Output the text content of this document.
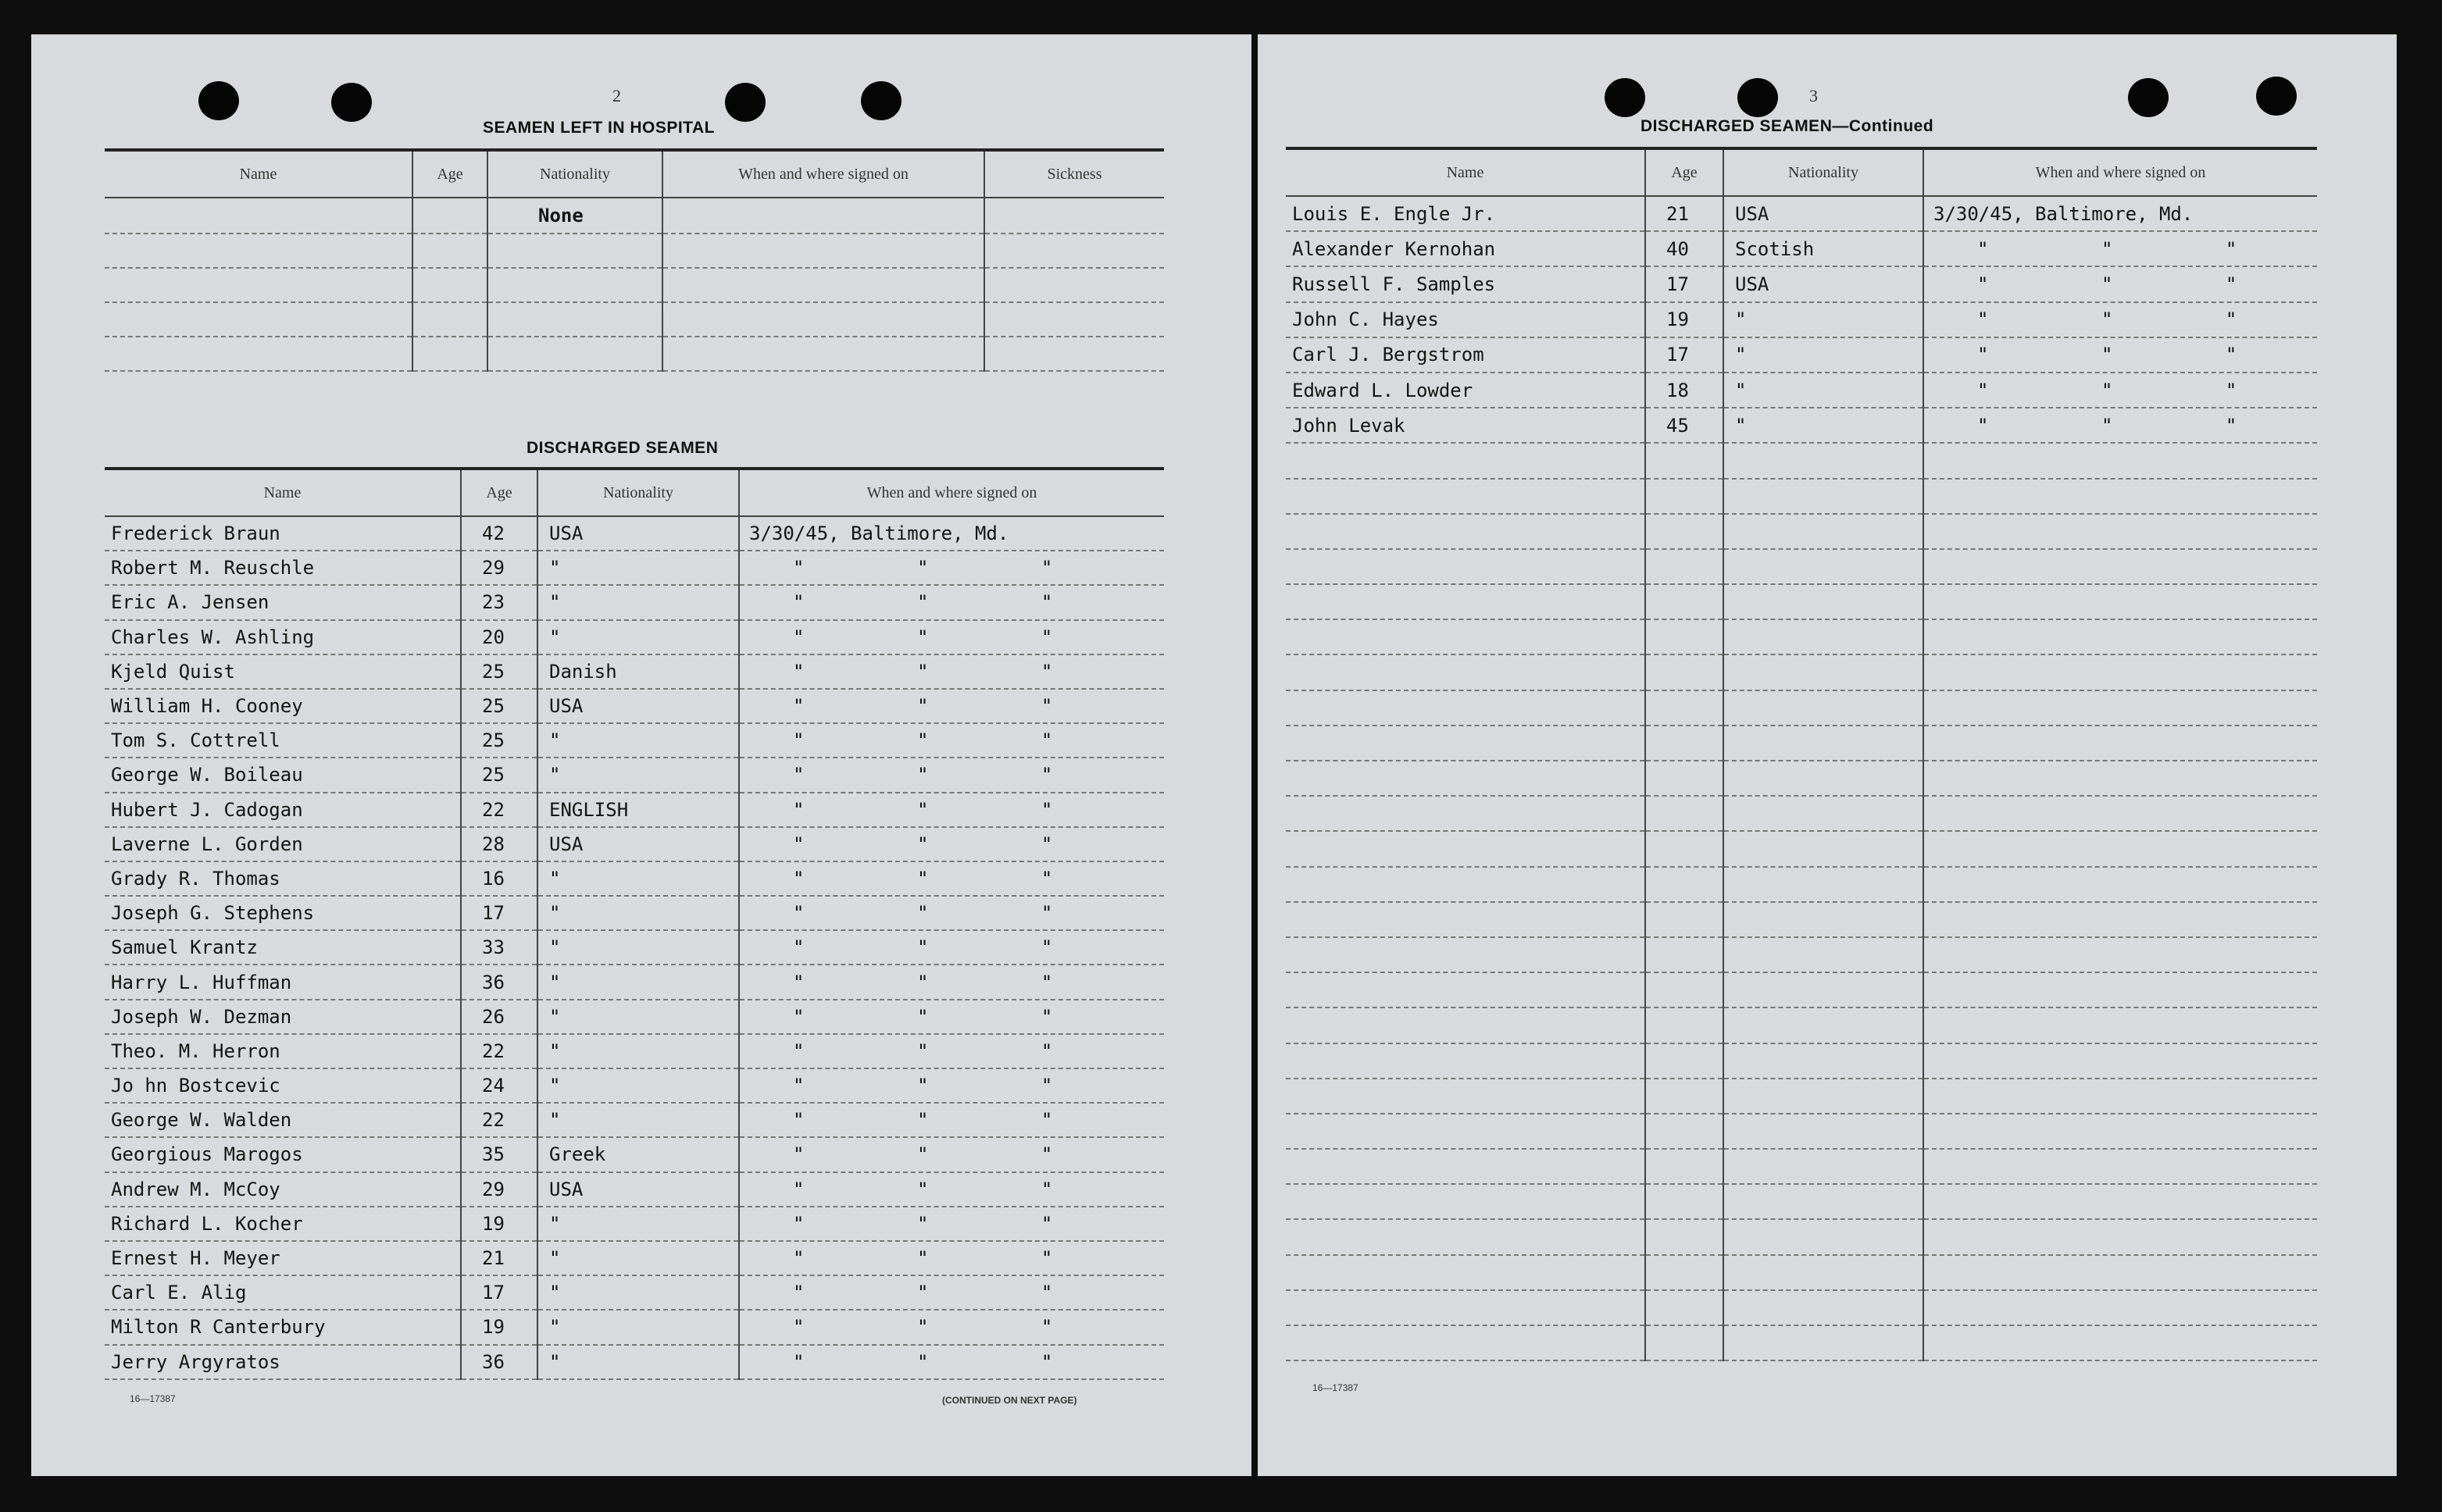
2
SEAMEN LEFT IN HOSPITAL
Name	Age	Nationality	When and where signed on	Sickness
		None		

DISCHARGED SEAMEN
Name	Age	Nationality	When and where signed on
Frederick Braun	42	USA	3/30/45, Baltimore, Md.
Robert M. Reuschle	29	"	"          "          "
Eric A. Jensen	23	"	"          "          "
Charles W. Ashling	20	"	"          "          "
Kjeld Quist	25	Danish	"          "          "
William H. Cooney	25	USA	"          "          "
Tom S. Cottrell	25	"	"          "          "
George W. Boileau	25	"	"          "          "
Hubert J. Cadogan	22	ENGLISH	"          "          "
Laverne L. Gorden	28	USA	"          "          "
Grady R. Thomas	16	"	"          "          "
Joseph G. Stephens	17	"	"          "          "
Samuel Krantz	33	"	"          "          "
Harry L. Huffman	36	"	"          "          "
Joseph W. Dezman	26	"	"          "          "
Theo. M. Herron	22	"	"          "          "
Jo hn Bostcevic	24	"	"          "          "
George W. Walden	22	"	"          "          "
Georgious Marogos	35	Greek	"          "          "
Andrew M. McCoy	29	USA	"          "          "
Richard L. Kocher	19	"	"          "          "
Ernest H. Meyer	21	"	"          "          "
Carl E. Alig	17	"	"          "          "
Milton R Canterbury	19	"	"          "          "
Jerry Argyratos	36	"	"          "          "
16—17387	(CONTINUED ON NEXT PAGE)
3
DISCHARGED SEAMEN—Continued
Name	Age	Nationality	When and where signed on
Louis E. Engle Jr.	21	USA	3/30/45, Baltimore, Md.
Alexander Kernohan	40	Scotish	"          "          "
Russell F. Samples	17	USA	"          "          "
John C. Hayes	19	"	"          "          "
Carl J. Bergstrom	17	"	"          "          "
Edward L. Lowder	18	"	"          "          "
John Levak	45	"	"          "          "

16—17387
